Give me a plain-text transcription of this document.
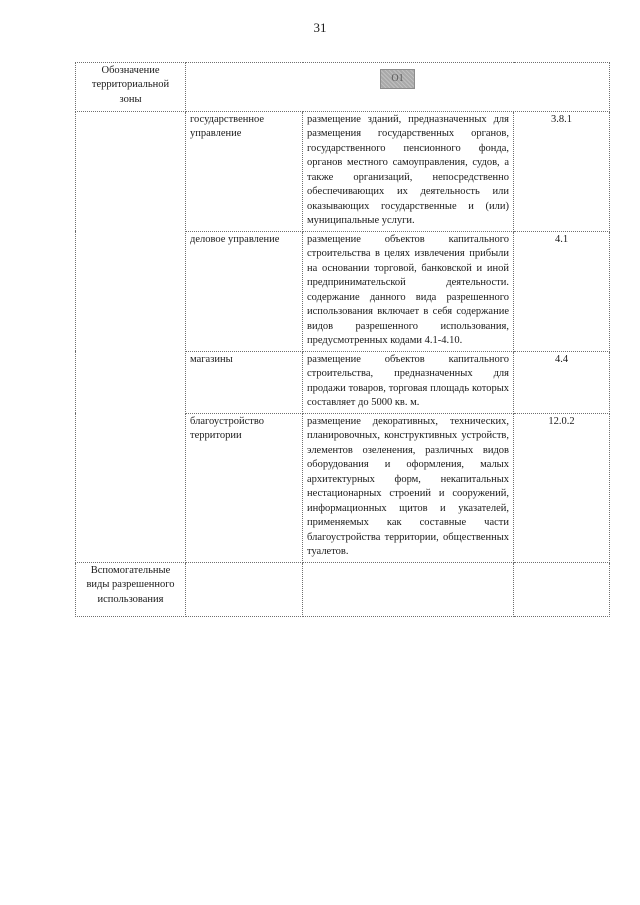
31
Обозначение территориальной зоны	О1		
	государственное управление	размещение зданий, предназначенных для размещения государственных органов, государственного пенсионного фонда, органов местного самоуправления, судов, а также организаций, непосредственно обеспечивающих их деятельность или оказывающих государственные и (или) муниципальные услуги.	3.8.1
	деловое управление	размещение объектов капитального строительства в целях извлечения прибыли на основании торговой, банковской и иной предпринимательской деятельности. содержание данного вида разрешенного использования включает в себя содержание видов разрешенного использования, предусмотренных кодами 4.1-4.10.	4.1
	магазины	размещение объектов капитального строительства, предназначенных для продажи товаров, торговая площадь которых составляет до 5000 кв. м.	4.4
	благоустройство территории	размещение декоративных, технических, планировочных, конструктивных устройств, элементов озеленения, различных видов оборудования и оформления, малых архитектурных форм, некапитальных нестационарных строений и сооружений, информационных щитов и указателей, применяемых как составные части благоустройства территории, общественных туалетов.	12.0.2
Вспомогательные виды разрешенного использования			
